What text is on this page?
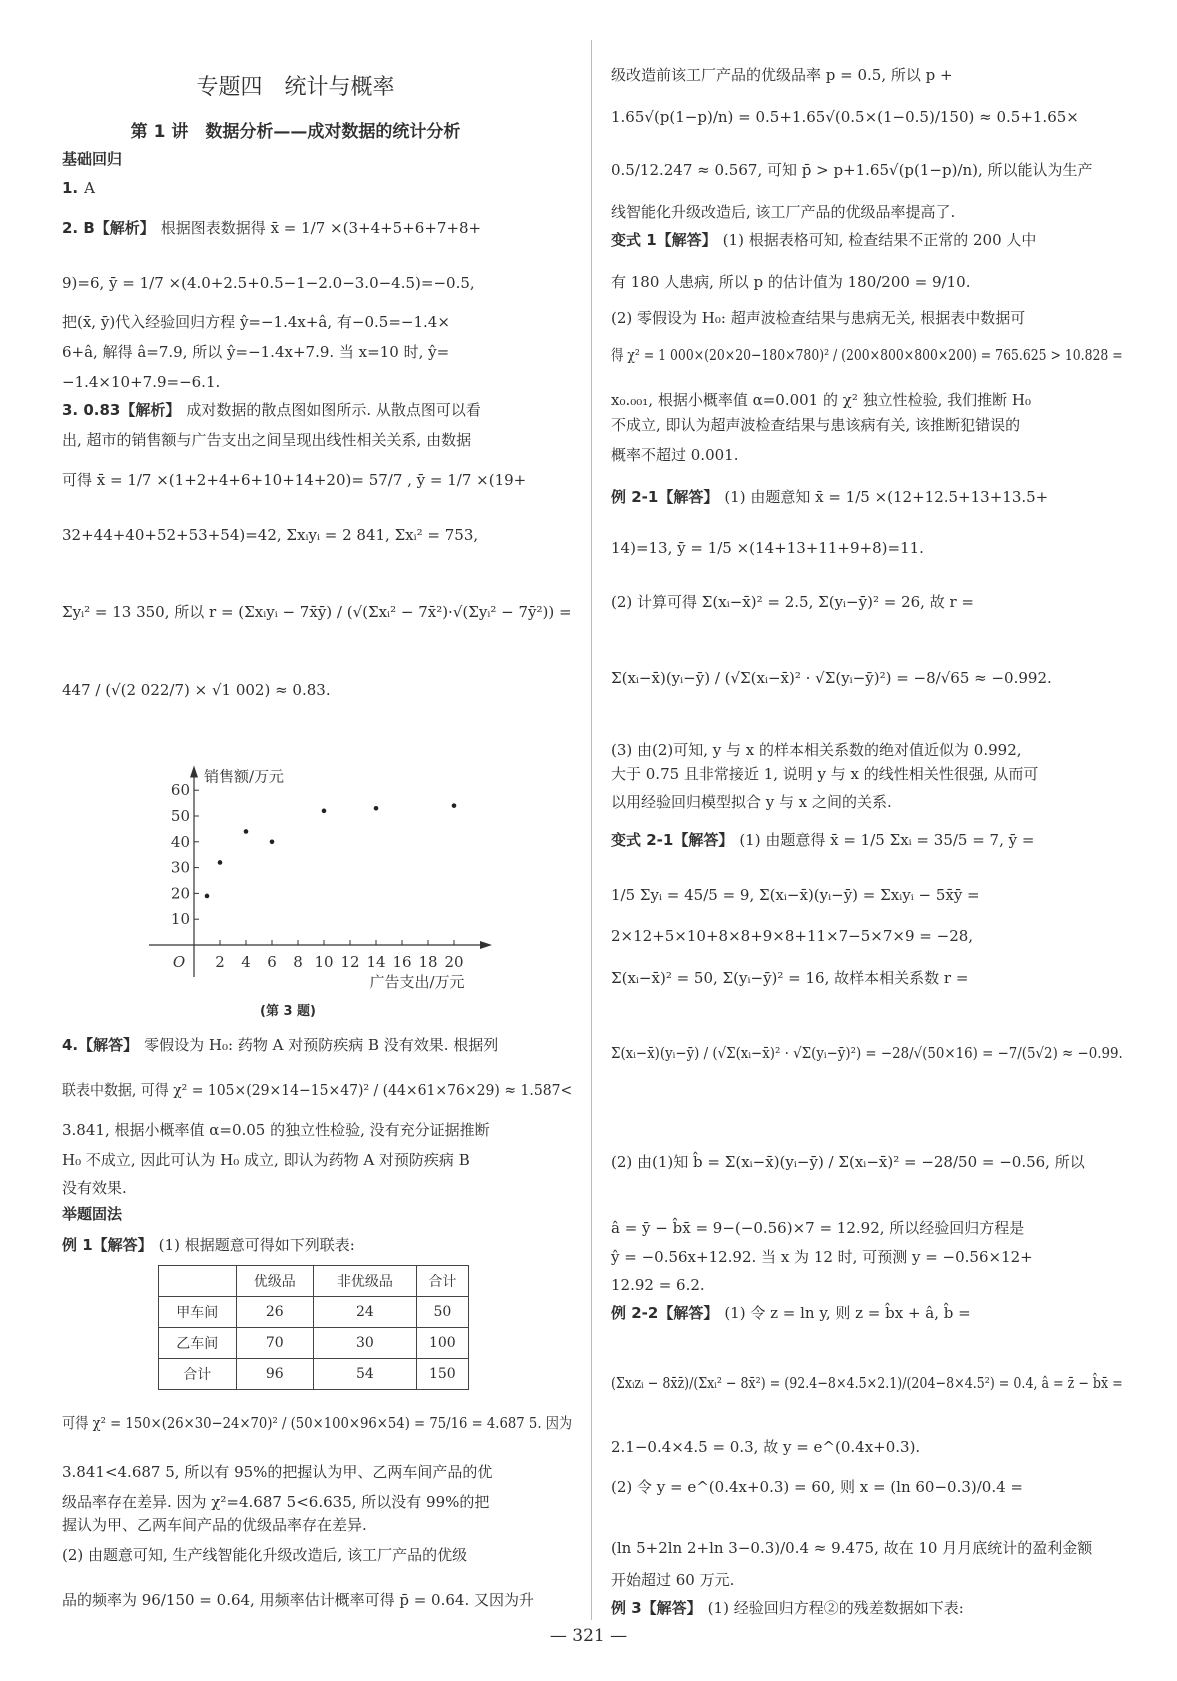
专题四　统计与概率
第 1 讲　数据分析——成对数据的统计分析
基础回归
举题固法
1. A
2. B【解析】 根据图表数据得 x̄ = 1/7 ×(3+4+5+6+7+8+
9)=6, ȳ = 1/7 ×(4.0+2.5+0.5−1−2.0−3.0−4.5)=−0.5,
把(x̄, ȳ)代入经验回归方程 ŷ=−1.4x+â, 有−0.5=−1.4×
6+â, 解得 â=7.9, 所以 ŷ=−1.4x+7.9. 当 x=10 时, ŷ=
−1.4×10+7.9=−6.1.
3. 0.83【解析】 成对数据的散点图如图所示. 从散点图可以看
出, 超市的销售额与广告支出之间呈现出线性相关关系, 由数据
可得 x̄ = 1/7 ×(1+2+4+6+10+14+20)= 57/7 , ȳ = 1/7 ×(19+
32+44+40+52+53+54)=42, Σxᵢyᵢ = 2 841, Σxᵢ² = 753,
Σyᵢ² = 13 350, 所以 r = (Σxᵢyᵢ − 7x̄ȳ) / (√(Σxᵢ² − 7x̄²)·√(Σyᵢ² − 7ȳ²)) =
447 / (√(2 022/7) × √1 002) ≈ 0.83.
4.【解答】 零假设为 H₀: 药物 A 对预防疾病 B 没有效果. 根据列
联表中数据, 可得 χ² = 105×(29×14−15×47)² / (44×61×76×29) ≈ 1.587<
3.841, 根据小概率值 α=0.05 的独立性检验, 没有充分证据推断
H₀ 不成立, 因此可认为 H₀ 成立, 即认为药物 A 对预防疾病 B
没有效果.
例 1【解答】 (1) 根据题意可得如下列联表:
可得 χ² = 150×(26×30−24×70)² / (50×100×96×54) = 75/16 = 4.687 5. 因为
3.841<4.687 5, 所以有 95%的把握认为甲、乙两车间产品的优
级品率存在差异. 因为 χ²=4.687 5<6.635, 所以没有 99%的把
握认为甲、乙两车间产品的优级品率存在差异.
(2) 由题意可知, 生产线智能化升级改造后, 该工厂产品的优级
品的频率为 96/150 = 0.64, 用频率估计概率可得 p̄ = 0.64. 又因为升
级改造前该工厂产品的优级品率 p = 0.5, 所以 p +
1.65√(p(1−p)/n) = 0.5+1.65√(0.5×(1−0.5)/150) ≈ 0.5+1.65×
0.5/12.247 ≈ 0.567, 可知 p̄ > p+1.65√(p(1−p)/n), 所以能认为生产
线智能化升级改造后, 该工厂产品的优级品率提高了.
变式 1【解答】 (1) 根据表格可知, 检查结果不正常的 200 人中
有 180 人患病, 所以 p 的估计值为 180/200 = 9/10.
(2) 零假设为 H₀: 超声波检查结果与患病无关, 根据表中数据可
得 χ² = 1 000×(20×20−180×780)² / (200×800×800×200) = 765.625 > 10.828 =
x₀.₀₀₁, 根据小概率值 α=0.001 的 χ² 独立性检验, 我们推断 H₀
不成立, 即认为超声波检查结果与患该病有关, 该推断犯错误的
概率不超过 0.001.
例 2-1【解答】 (1) 由题意知 x̄ = 1/5 ×(12+12.5+13+13.5+
14)=13, ȳ = 1/5 ×(14+13+11+9+8)=11.
(2) 计算可得 Σ(xᵢ−x̄)² = 2.5, Σ(yᵢ−ȳ)² = 26, 故 r =
Σ(xᵢ−x̄)(yᵢ−ȳ) / (√Σ(xᵢ−x̄)² · √Σ(yᵢ−ȳ)²) = −8/√65 ≈ −0.992.
(3) 由(2)可知, y 与 x 的样本相关系数的绝对值近似为 0.992,
大于 0.75 且非常接近 1, 说明 y 与 x 的线性相关性很强, 从而可
以用经验回归模型拟合 y 与 x 之间的关系.
变式 2-1【解答】 (1) 由题意得 x̄ = 1/5 Σxᵢ = 35/5 = 7, ȳ =
1/5 Σyᵢ = 45/5 = 9, Σ(xᵢ−x̄)(yᵢ−ȳ) = Σxᵢyᵢ − 5x̄ȳ =
2×12+5×10+8×8+9×8+11×7−5×7×9 = −28,
Σ(xᵢ−x̄)² = 50, Σ(yᵢ−ȳ)² = 16, 故样本相关系数 r =
Σ(xᵢ−x̄)(yᵢ−ȳ) / (√Σ(xᵢ−x̄)² · √Σ(yᵢ−ȳ)²) = −28/√(50×16) = −7/(5√2) ≈ −0.99.
(2) 由(1)知 b̂ = Σ(xᵢ−x̄)(yᵢ−ȳ) / Σ(xᵢ−x̄)² = −28/50 = −0.56, 所以
â = ȳ − b̂x̄ = 9−(−0.56)×7 = 12.92, 所以经验回归方程是
ŷ = −0.56x+12.92. 当 x 为 12 时, 可预测 y = −0.56×12+
12.92 = 6.2.
例 2-2【解答】 (1) 令 z = ln y, 则 z = b̂x + â, b̂ =
(Σxᵢzᵢ − 8x̄z̄)/(Σxᵢ² − 8x̄²) = (92.4−8×4.5×2.1)/(204−8×4.5²) = 0.4, â = z̄ − b̂x̄ =
2.1−0.4×4.5 = 0.3, 故 y = e^(0.4x+0.3).
(2) 令 y = e^(0.4x+0.3) = 60, 则 x = (ln 60−0.3)/0.4 =
(ln 5+2ln 2+ln 3−0.3)/0.4 ≈ 9.475, 故在 10 月月底统计的盈利金额
开始超过 60 万元.
例 3【解答】 (1) 经验回归方程②的残差数据如下表:
10
20
30
40
50
60
2 4 6 8 10 12 14 16 18 20
O
销售额/万元
广告支出/万元
(第 3 题)
	优级品	非优级品	合计
甲车间	26	24	50
乙车间	70	30	100
合计	96	54	150
— 321 —
